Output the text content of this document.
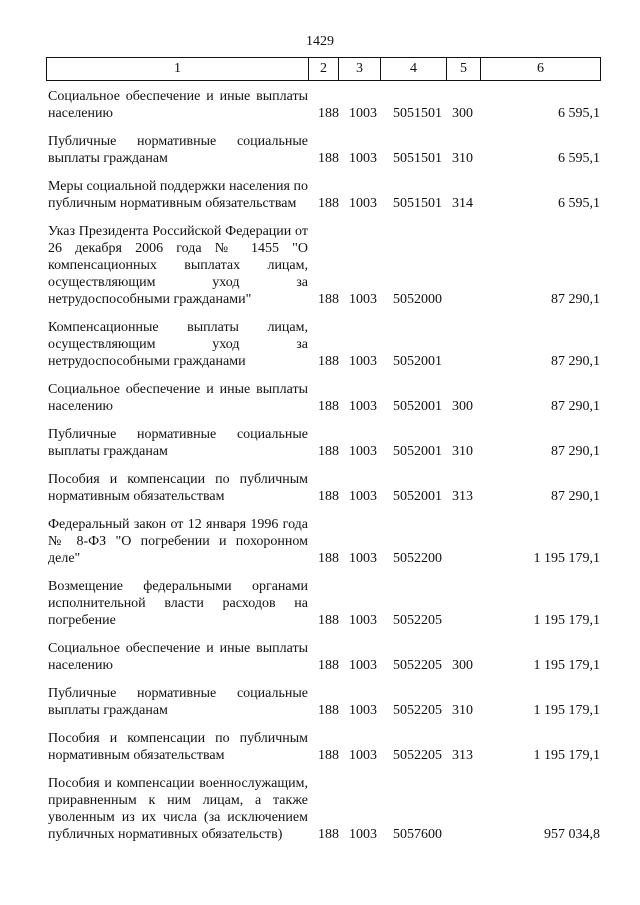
1429
1	2	3	4	5	6
Социальное обеспечение и иные выплаты населению	188 1003 5051501 300	6 595,1
Публичные нормативные социальные выплаты гражданам	188 1003 5051501 310	6 595,1
Меры социальной поддержки населения по публичным нормативным обязательствам	188 1003 5051501 314	6 595,1
Указ Президента Российской Федерации от 26 декабря 2006 года № 1455 "О компенсационных выплатах лицам, осуществляющим уход за нетрудоспособными гражданами"	188 1003 5052000	87 290,1
Компенсационные выплаты лицам, осуществляющим уход за нетрудоспособными гражданами	188 1003 5052001	87 290,1
Социальное обеспечение и иные выплаты населению	188 1003 5052001 300	87 290,1
Публичные нормативные социальные выплаты гражданам	188 1003 5052001 310	87 290,1
Пособия и компенсации по публичным нормативным обязательствам	188 1003 5052001 313	87 290,1
Федеральный закон от 12 января 1996 года № 8-ФЗ "О погребении и похоронном деле"	188 1003 5052200	1 195 179,1
Возмещение федеральными органами исполнительной власти расходов на погребение	188 1003 5052205	1 195 179,1
Социальное обеспечение и иные выплаты населению	188 1003 5052205 300	1 195 179,1
Публичные нормативные социальные выплаты гражданам	188 1003 5052205 310	1 195 179,1
Пособия и компенсации по публичным нормативным обязательствам	188 1003 5052205 313	1 195 179,1
Пособия и компенсации военнослужащим, приравненным к ним лицам, а также уволенным из их числа (за исключением публичных нормативных обязательств)	188 1003 5057600	957 034,8
